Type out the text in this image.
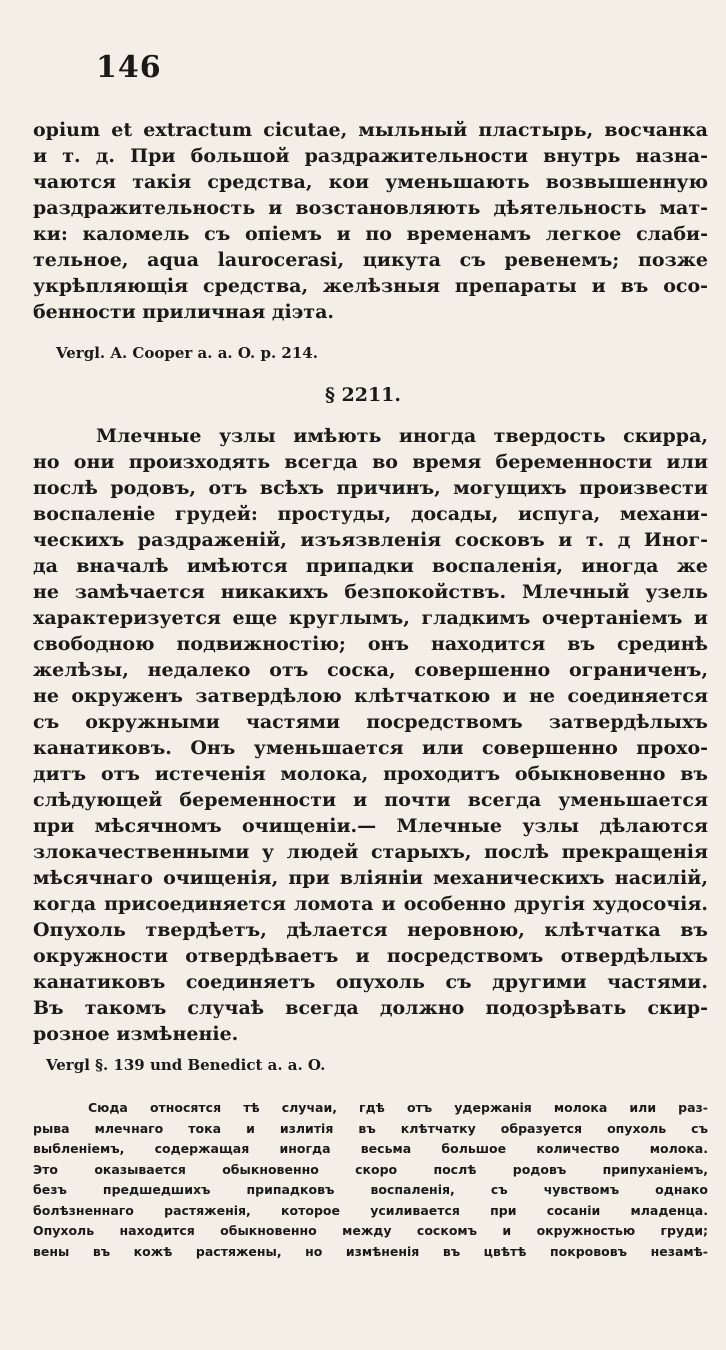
146
opium et extractum cicutae, мыльный пластырь, восчанка
и т. д. При большой раздражительности внутрь назна-
чаются такія средства, кои уменьшають возвышенную
раздражительность и возстановляють дѣятельность мат-
ки: каломель съ опіемъ и по временамъ легкое слаби-
тельное, aqua laurocerasi, цикута съ ревенемъ; позже
укрѣпляющія средства, желѣзныя препараты и въ осо-
бенности приличная діэта.
Vergl. A. Cooper a. a. O. p. 214.
§ 2211.
Млечные узлы имѣють иногда твердость скирра,
но они произходять всегда во время беременности или
послѣ родовъ, отъ всѣхъ причинъ, могущихъ произвести
воспаленіе грудей: простуды, досады, испуга, механи-
ческихъ раздраженій, изъязвленія сосковъ и т. д Иног-
да вначалѣ имѣются припадки воспаленія, иногда же
не замѣчается никакихъ безпокойствъ. Млечный узель
характеризуется еще круглымъ, гладкимъ очертаніемъ и
свободною подвижностію; онъ находится въ срединѣ
желѣзы, недалеко отъ соска, совершенно ограниченъ,
не окруженъ затвердѣлою клѣтчаткою и не соединяется
съ окружными частями посредствомъ затвердѣлыхъ
канатиковъ. Онъ уменьшается или совершенно прохо-
дитъ отъ истеченія молока, проходитъ обыкновенно въ
слѣдующей беременности и почти всегда уменьшается
при мѣсячномъ очищеніи.— Млечные узлы дѣлаются
злокачественными у людей старыхъ, послѣ прекращенія
мѣсячнаго очищенія, при вліяніи механическихъ насилій,
когда присоединяется ломота и особенно другія худосочія.
Опухоль твердѣетъ, дѣлается неровною, клѣтчатка въ
окружности отвердѣваетъ и посредствомъ отвердѣлыхъ
канатиковъ соединяетъ опухоль съ другими частями.
Въ такомъ случаѣ всегда должно подозрѣвать скир-
розное измѣненіе.
Vergl §. 139 und Benedict a. a. O.
Сюда относятся тѣ случаи, гдѣ отъ удержанія молока или раз-
рыва млечнаго тока и излитія въ клѣтчатку образуется опухоль съ
выбленіемъ, содержащая иногда весьма большое количество молока.
Это оказывается обыкновенно скоро послѣ родовъ припуханіемъ,
безъ предшедшихъ припадковъ воспаленія, съ чувствомъ однако
болѣзненнаго растяженія, которое усиливается при сосаніи младенца.
Опухоль находится обыкновенно между соскомъ и окружностью груди;
вены въ кожѣ растяжены, но измѣненія въ цвѣтѣ покрововъ незамѣ-
